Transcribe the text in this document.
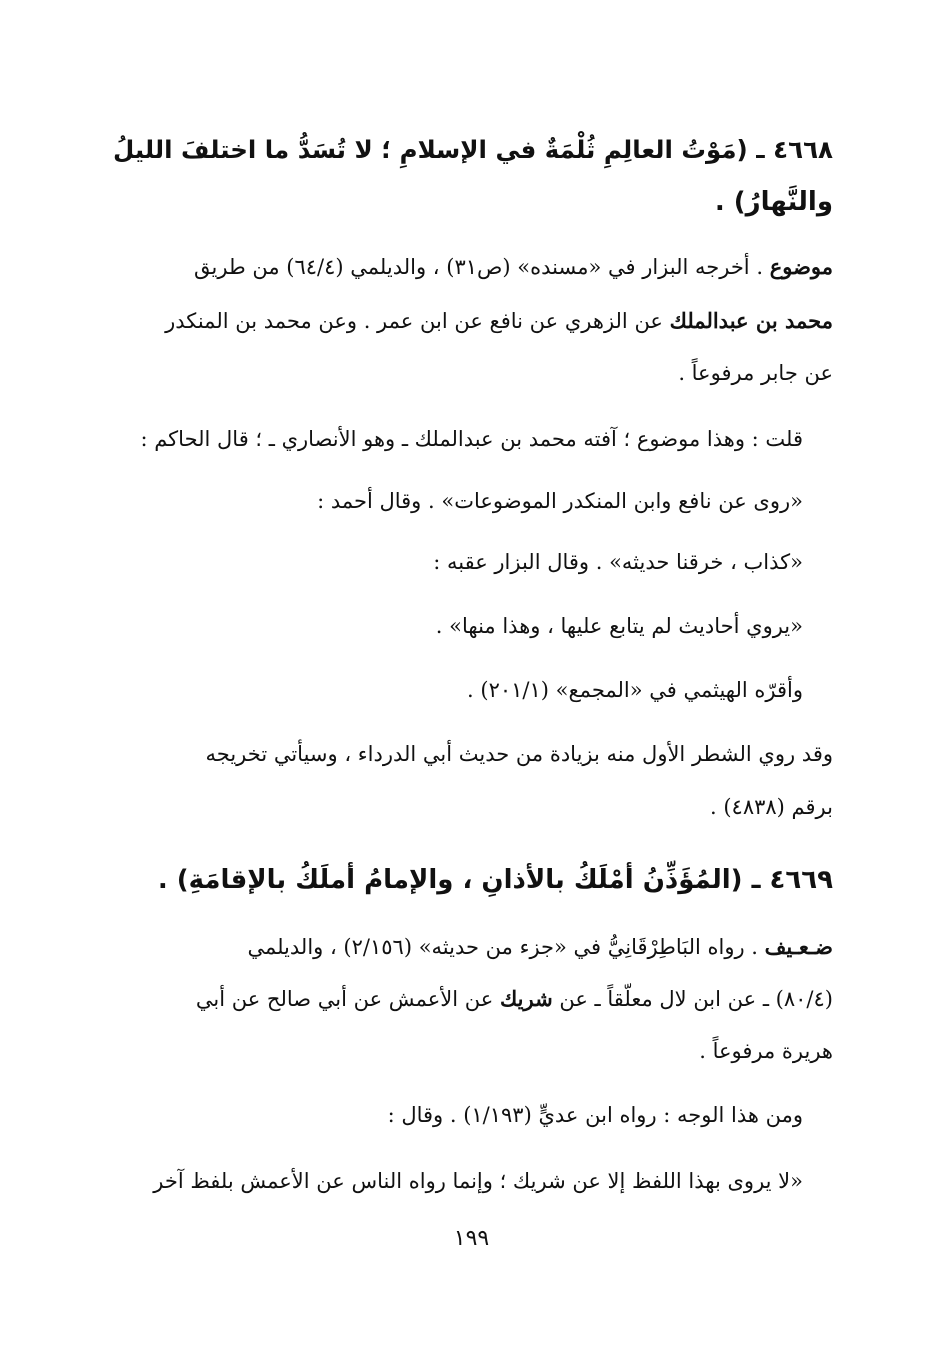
٤٦٦٨ ـ (مَوْتُ العالِمِ ثُلْمَةٌ في الإسلامِ ؛ لا تُسَدُّ ما اختلفَ الليلُ
والنَّهارُ) .
موضوع . أخرجه البزار في «مسنده» (ص٣١) ، والديلمي (٦٤/٤) من طريق
محمد بن عبدالملك عن الزهري عن نافع عن ابن عمر . وعن محمد بن المنكدر
عن جابر مرفوعاً .
قلت : وهذا موضوع ؛ آفته محمد بن عبدالملك ـ وهو الأنصاري ـ ؛ قال الحاكم :
«روى عن نافع وابن المنكدر الموضوعات» . وقال أحمد :
«كذاب ، خرقنا حديثه» . وقال البزار عقبه :
«يروي أحاديث لم يتابع عليها ، وهذا منها» .
وأقرّه الهيثمي في «المجمع» (٢٠١/١) .
وقد روي الشطر الأول منه بزيادة من حديث أبي الدرداء ، وسيأتي تخريجه
برقم (٤٨٣٨) .
٤٦٦٩ ـ (المُؤَذِّنُ أمْلَكُ بالأذانِ ، والإمامُ أملَكُ بالإقامَةِ) .
ضـعـيف . رواه البَاطِرْقَانِيُّ في «جزء من حديثه» (٢/١٥٦) ، والديلمي
(٨٠/٤) ـ عن ابن لال معلّقاً ـ عن شريك عن الأعمش عن أبي صالح عن أبي
هريرة مرفوعاً .
ومن هذا الوجه : رواه ابن عديٍّ (١/١٩٣) . وقال :
«لا يروى بهذا اللفظ إلا عن شريك ؛ وإنما رواه الناس عن الأعمش بلفظ آخر
١٩٩
